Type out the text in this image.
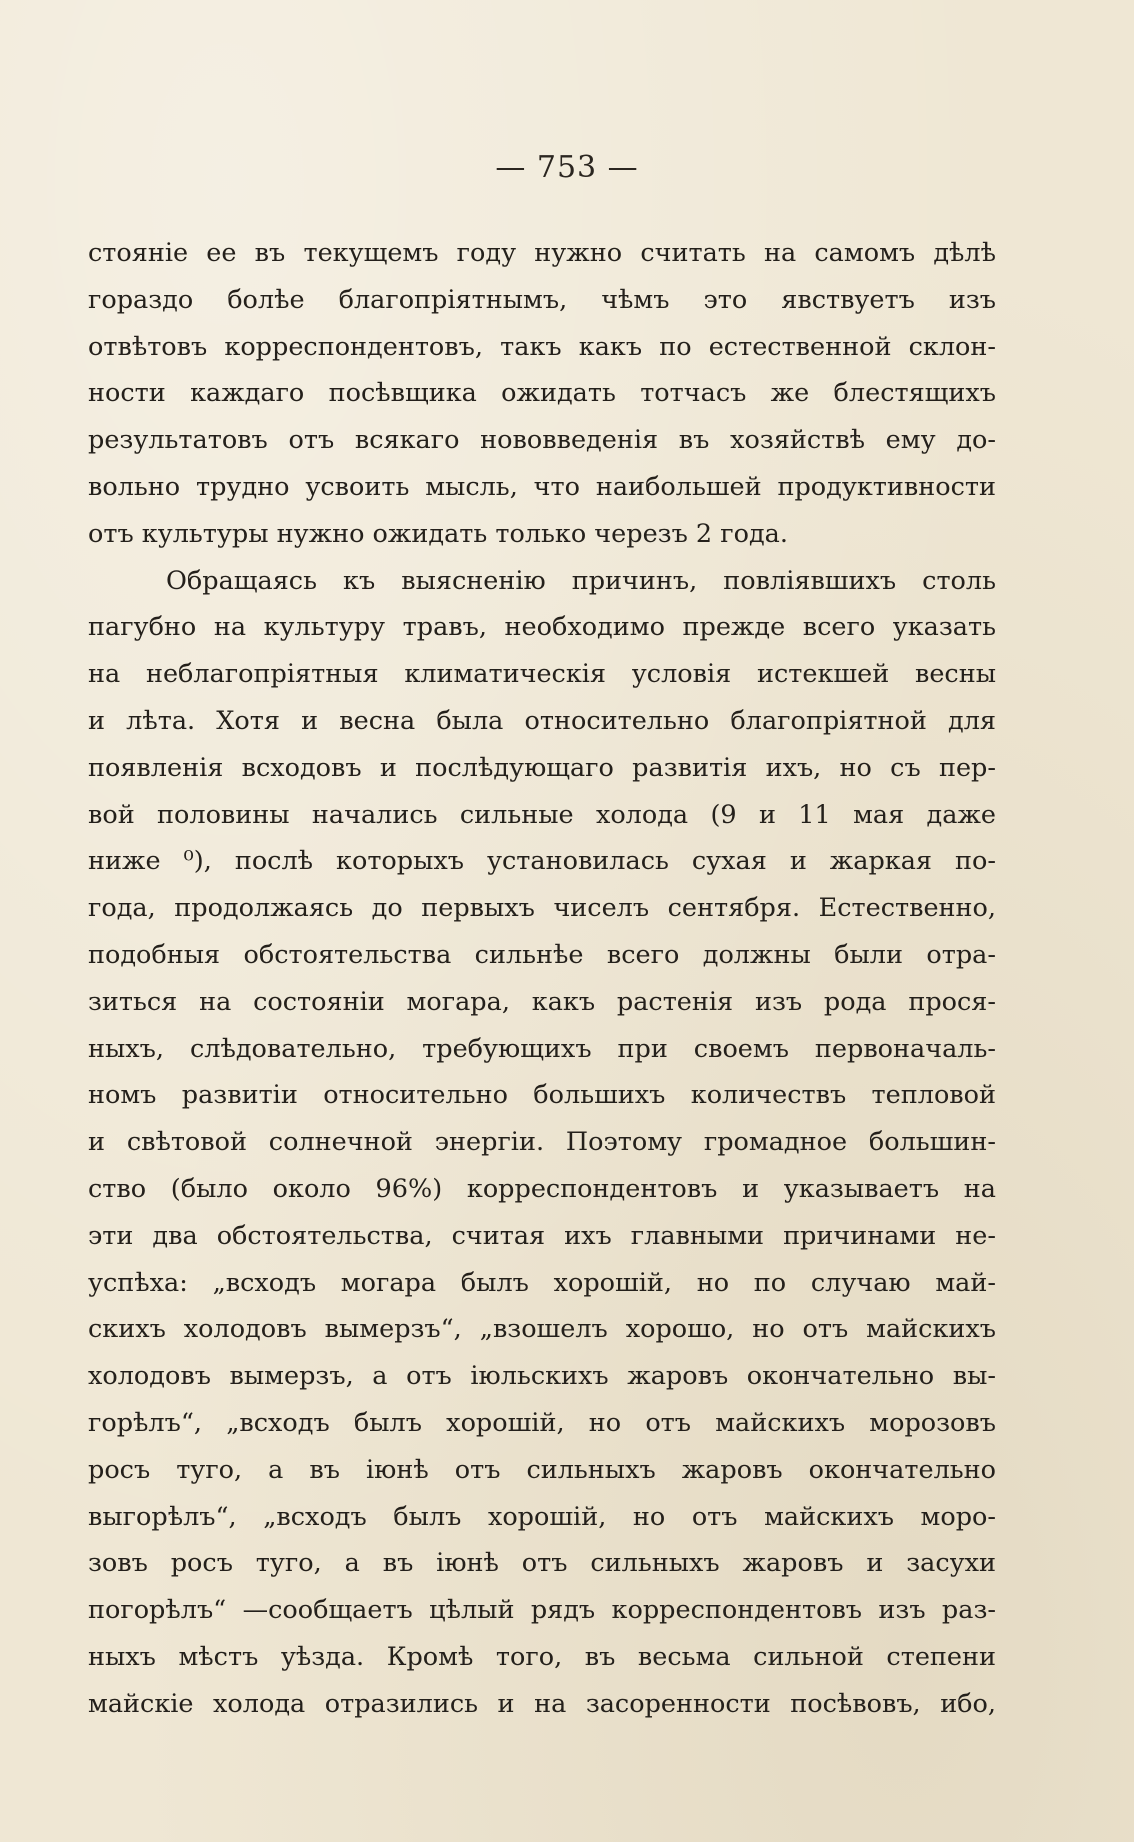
— 753 —
стояніе ее въ текущемъ году нужно считать на самомъ дѣлѣ
гораздо болѣе благопріятнымъ, чѣмъ это явствуетъ изъ
отвѣтовъ корреспондентовъ, такъ какъ по естественной склон-
ности каждаго посѣвщика ожидать тотчасъ же блестящихъ
результатовъ отъ всякаго нововведенія въ хозяйствѣ ему до-
вольно трудно усвоить мысль, что наибольшей продуктивности
отъ культуры нужно ожидать только черезъ 2 года.
Обращаясь къ выясненію причинъ, повліявшихъ столь
пагубно на культуру травъ, необходимо прежде всего указать
на неблагопріятныя климатическія условія истекшей весны
и лѣта. Хотя и весна была относительно благопріятной для
появленія всходовъ и послѣдующаго развитія ихъ, но съ пер-
вой половины начались сильные холода (9 и 11 мая даже
ниже ⁰), послѣ которыхъ установилась сухая и жаркая по-
года, продолжаясь до первыхъ чиселъ сентября. Естественно,
подобныя обстоятельства сильнѣе всего должны были отра-
зиться на состояніи могара, какъ растенія изъ рода прося-
ныхъ, слѣдовательно, требующихъ при своемъ первоначаль-
номъ развитіи относительно большихъ количествъ тепловой
и свѣтовой солнечной энергіи. Поэтому громадное большин-
ство (было около 96%) корреспондентовъ и указываетъ на
эти два обстоятельства, считая ихъ главными причинами не-
успѣха: „всходъ могара былъ хорошій, но по случаю май-
скихъ холодовъ вымерзъ“, „взошелъ хорошо, но отъ майскихъ
холодовъ вымерзъ, а отъ іюльскихъ жаровъ окончательно вы-
горѣлъ“, „всходъ былъ хорошій, но отъ майскихъ морозовъ
росъ туго, а въ іюнѣ отъ сильныхъ жаровъ окончательно
выгорѣлъ“, „всходъ былъ хорошій, но отъ майскихъ моро-
зовъ росъ туго, а въ іюнѣ отъ сильныхъ жаровъ и засухи
погорѣлъ“ —сообщаетъ цѣлый рядъ корреспондентовъ изъ раз-
ныхъ мѣстъ уѣзда. Кромѣ того, въ весьма сильной степени
майскіе холода отразились и на засоренности посѣвовъ, ибо,
